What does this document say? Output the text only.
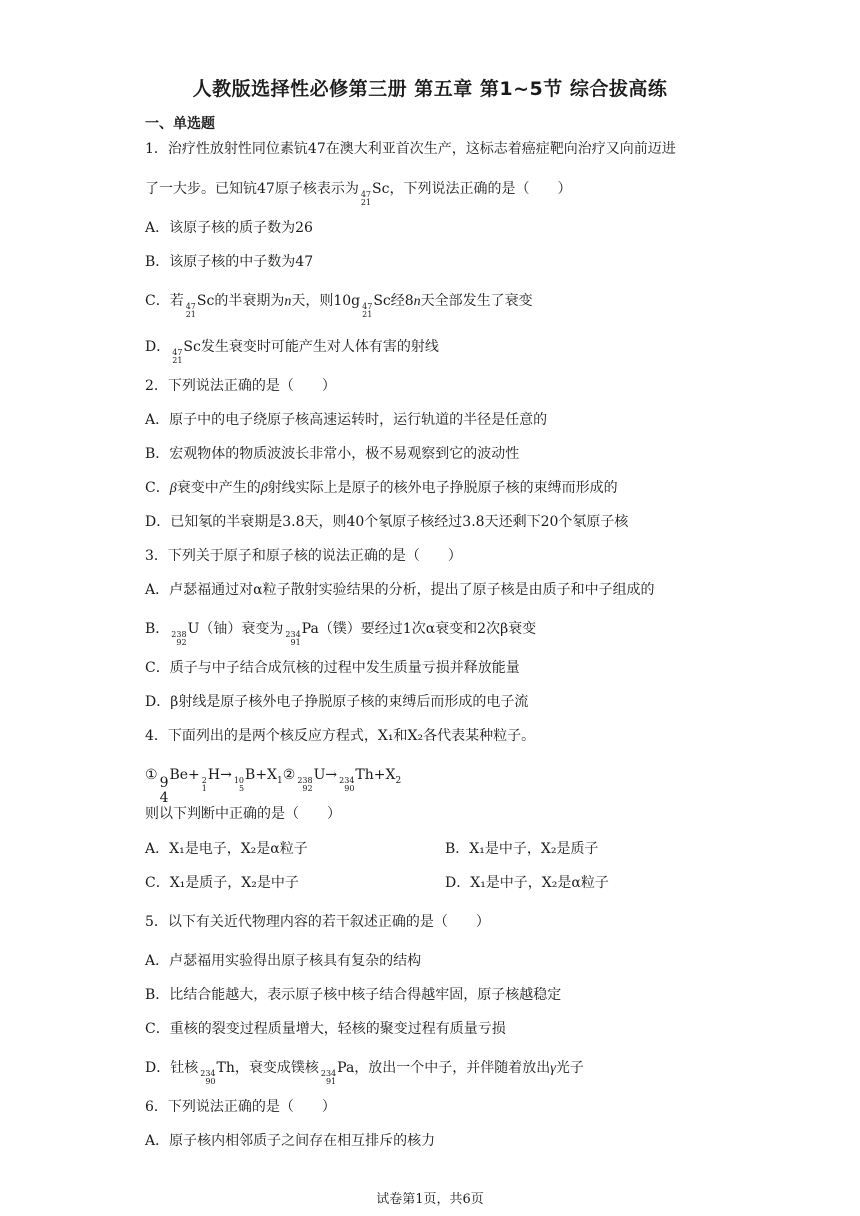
人教版选择性必修第三册 第五章 第1~5节 综合拔高练
一、单选题
1．治疗性放射性同位素钪47在澳大利亚首次生产，这标志着癌症靶向治疗又向前迈进
了一大步。已知钪47原子核表示为 47
21
Sc，下列说法正确的是（　　）
A．该原子核的质子数为26
B．该原子核的中子数为47
C．若 47
21
Sc的半衰期为n天，则10g 47
21
Sc经8n天全部发生了衰变
D． 47
21
Sc发生衰变时可能产生对人体有害的射线
2．下列说法正确的是（　　）
A．原子中的电子绕原子核高速运转时，运行轨道的半径是任意的
B．宏观物体的物质波波长非常小，极不易观察到它的波动性
C．β衰变中产生的β射线实际上是原子的核外电子挣脱原子核的束缚而形成的
D．已知氡的半衰期是3.8天，则40个氡原子核经过3.8天还剩下20个氡原子核
3．下列关于原子和原子核的说法正确的是（　　）
A．卢瑟福通过对α粒子散射实验结果的分析，提出了原子核是由质子和中子组成的
B． 238
92
U（铀）衰变为 234
91
Pa（镤）要经过1次α衰变和2次β衰变
C．质子与中子结合成氘核的过程中发生质量亏损并释放能量
D．β射线是原子核外电子挣脱原子核的束缚后而形成的电子流
4．下面列出的是两个核反应方程式，X₁和X₂各代表某种粒子。
① 9
4
Be+ 2
1
H→ 10
5
$B+X_1②$ 238
92
U→ 234
90
$Th+X_2$
则以下判断中正确的是（　　）
A．X₁是电子，X₂是α粒子	B．X₁是中子，X₂是质子
C．X₁是质子，X₂是中子	D．X₁是中子，X₂是α粒子
5．以下有关近代物理内容的若干叙述正确的是（　　）
A．卢瑟福用实验得出原子核具有复杂的结构
B．比结合能越大，表示原子核中核子结合得越牢固，原子核越稳定
C．重核的裂变过程质量增大，轻核的聚变过程有质量亏损
D．钍核 234
90
Th，衰变成镤核 234
91
Pa，放出一个中子，并伴随着放出γ光子
6．下列说法正确的是（　　）
A．原子核内相邻质子之间存在相互排斥的核力
试卷第1页，共6页
